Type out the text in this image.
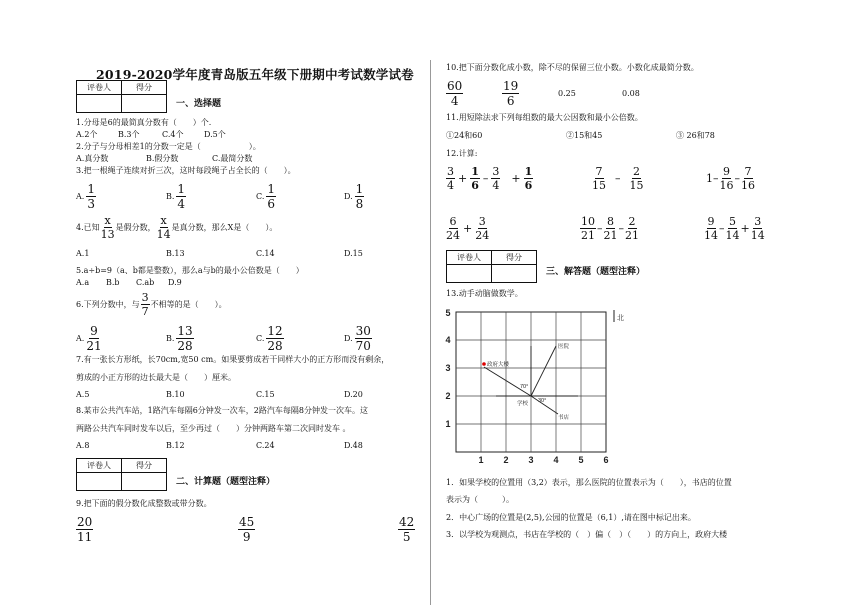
2019-2020学年度青岛版五年级下册期中考试数学试卷
评卷人	得分

一、选择题
1.分母是6的最简真分数有（　　）个.
A.2个	B.3个	C.4个	D.5个
2.分子与分母相差1的分数一定是（　　　　　　）。
A.真分数	B.假分数	C.最简分数
3.把一根绳子连续对折三次，这时每段绳子占全长的（　　）。
A. $\frac{1}{3}$	B. $\frac{1}{4}$	C. $\frac{1}{6}$	D. $\frac{1}{8}$
4.已知 $\frac{x}{13}$ 是假分数， $\frac{x}{14}$ 是真分数，那么X是（　　）。
A.1	B.13	C.14	D.15
5.a÷b=9（a、b都是整数），那么a与b的最小公倍数是（　　）
A.a B.b C.ab D.9
6.下列分数中，与 $\frac{3}{7}$ 不相等的是（　　）。
A. $\frac{9}{21}$	B. $\frac{13}{28}$	C. $\frac{12}{28}$	D. $\frac{30}{70}$
7.有一张长方形纸，长70cm,宽50 cm。如果要剪成若干同样大小的正方形而没有剩余，
剪成的小正方形的边长最大是（　　）厘米。
A.5	B.10	C.15	D.20
8.某市公共汽车站，1路汽车每隔6分钟发一次车，2路汽车每隔8分钟发一次车。这
两路公共汽车同时发车以后，至少再过（　　）分钟两路车第二次同时发车 。
A.8	B.12	C.24	D.48
评卷人	得分

二、计算题（题型注释）
9.把下面的假分数化成整数或带分数。
$\frac{20}{11}$	$\frac{45}{9}$	$\frac{42}{5}$
10.把下面分数化成小数，除不尽的保留三位小数。小数化成最简分数。
$\frac{60}{4}$	$\frac{19}{6}$	0.25	0.08
11.用短除法求下列每组数的最大公因数和最小公倍数。
①24和60	②15和45	③ 26和78
12.计算:
$\frac{3}{4} + \frac{1}{6} - \frac{3}{4} + \frac{1}{6}$	$\frac{7}{15} - \frac{2}{15}$	$1- \frac{9}{16} - \frac{7}{16}$
$\frac{6}{24} + \frac{3}{24}$	$\frac{10}{21} - \frac{8}{21} - \frac{2}{21}$	$\frac{9}{14} - \frac{5}{14} + \frac{3}{14}$
评卷人	得分

三、解答题（题型注释）
13.动手动脑做数学。
1
2
3
4
5
1 2 3 4 5 6
北
医院
政府大楼
学校
书店
70°
30°
1．如果学校的位置用（3,2）表示，那么医院的位置表示为（　　），书店的位置
表示为（　　　）。
2．中心广场的位置是(2,5),公园的位置是（6,1）,请在图中标记出来。
3．以学校为观测点，书店在学校的（　）偏（　）（　　）的方向上，政府大楼
